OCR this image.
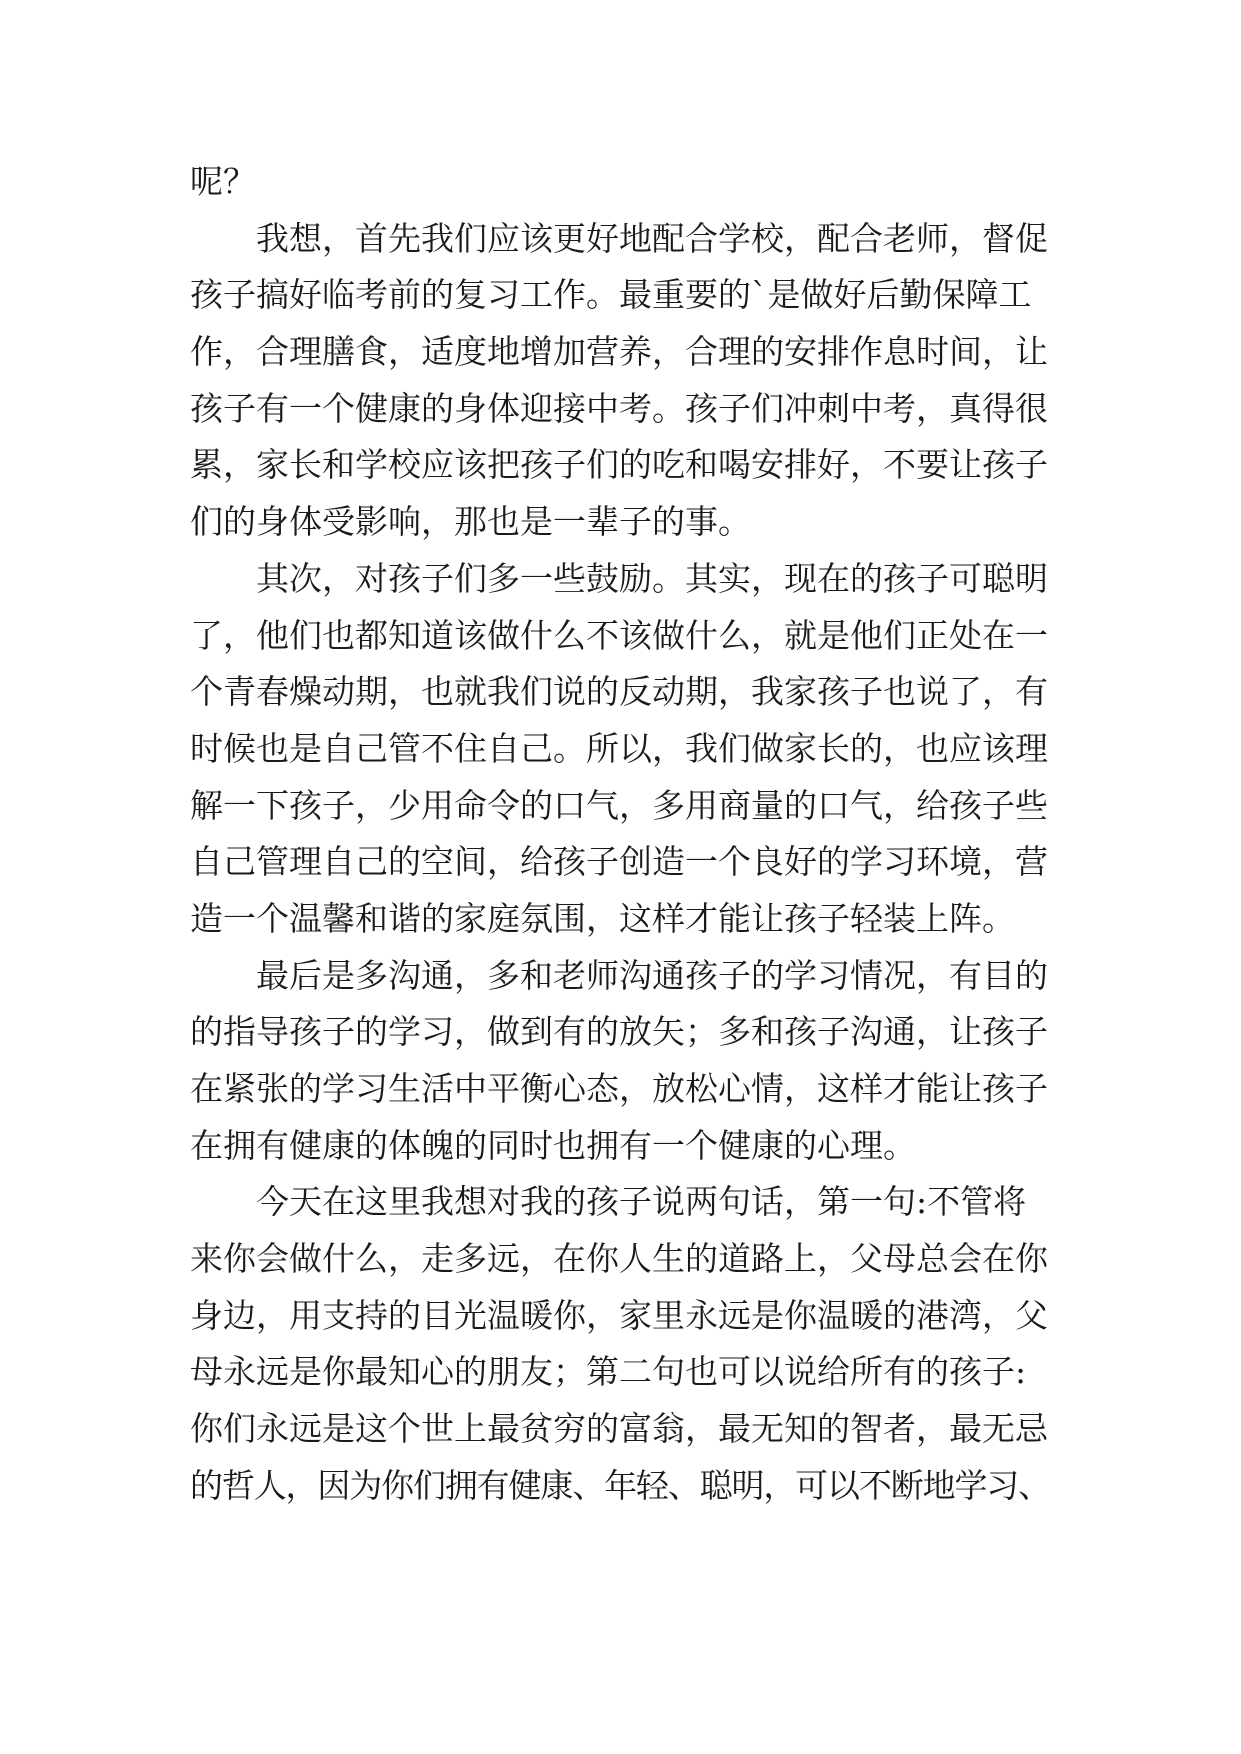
呢？
我想，首先我们应该更好地配合学校，配合老师，督促
孩子搞好临考前的复习工作。最重要的`是做好后勤保障工
作，合理膳食，适度地增加营养，合理的安排作息时间，让
孩子有一个健康的身体迎接中考。孩子们冲刺中考，真得很
累，家长和学校应该把孩子们的吃和喝安排好，不要让孩子
们的身体受影响，那也是一辈子的事。
其次，对孩子们多一些鼓励。其实，现在的孩子可聪明
了，他们也都知道该做什么不该做什么，就是他们正处在一
个青春燥动期，也就我们说的反动期，我家孩子也说了，有
时候也是自己管不住自己。所以，我们做家长的，也应该理
解一下孩子，少用命令的口气，多用商量的口气，给孩子些
自己管理自己的空间，给孩子创造一个良好的学习环境，营
造一个温馨和谐的家庭氛围，这样才能让孩子轻装上阵。
最后是多沟通，多和老师沟通孩子的学习情况，有目的
的指导孩子的学习，做到有的放矢；多和孩子沟通，让孩子
在紧张的学习生活中平衡心态，放松心情，这样才能让孩子
在拥有健康的体魄的同时也拥有一个健康的心理。
今天在这里我想对我的孩子说两句话，第一句:不管将
来你会做什么，走多远，在你人生的道路上，父母总会在你
身边，用支持的目光温暖你，家里永远是你温暖的港湾，父
母永远是你最知心的朋友；第二句也可以说给所有的孩子:
你们永远是这个世上最贫穷的富翁，最无知的智者，最无忌
的哲人，因为你们拥有健康、年轻、聪明，可以不断地学习、
